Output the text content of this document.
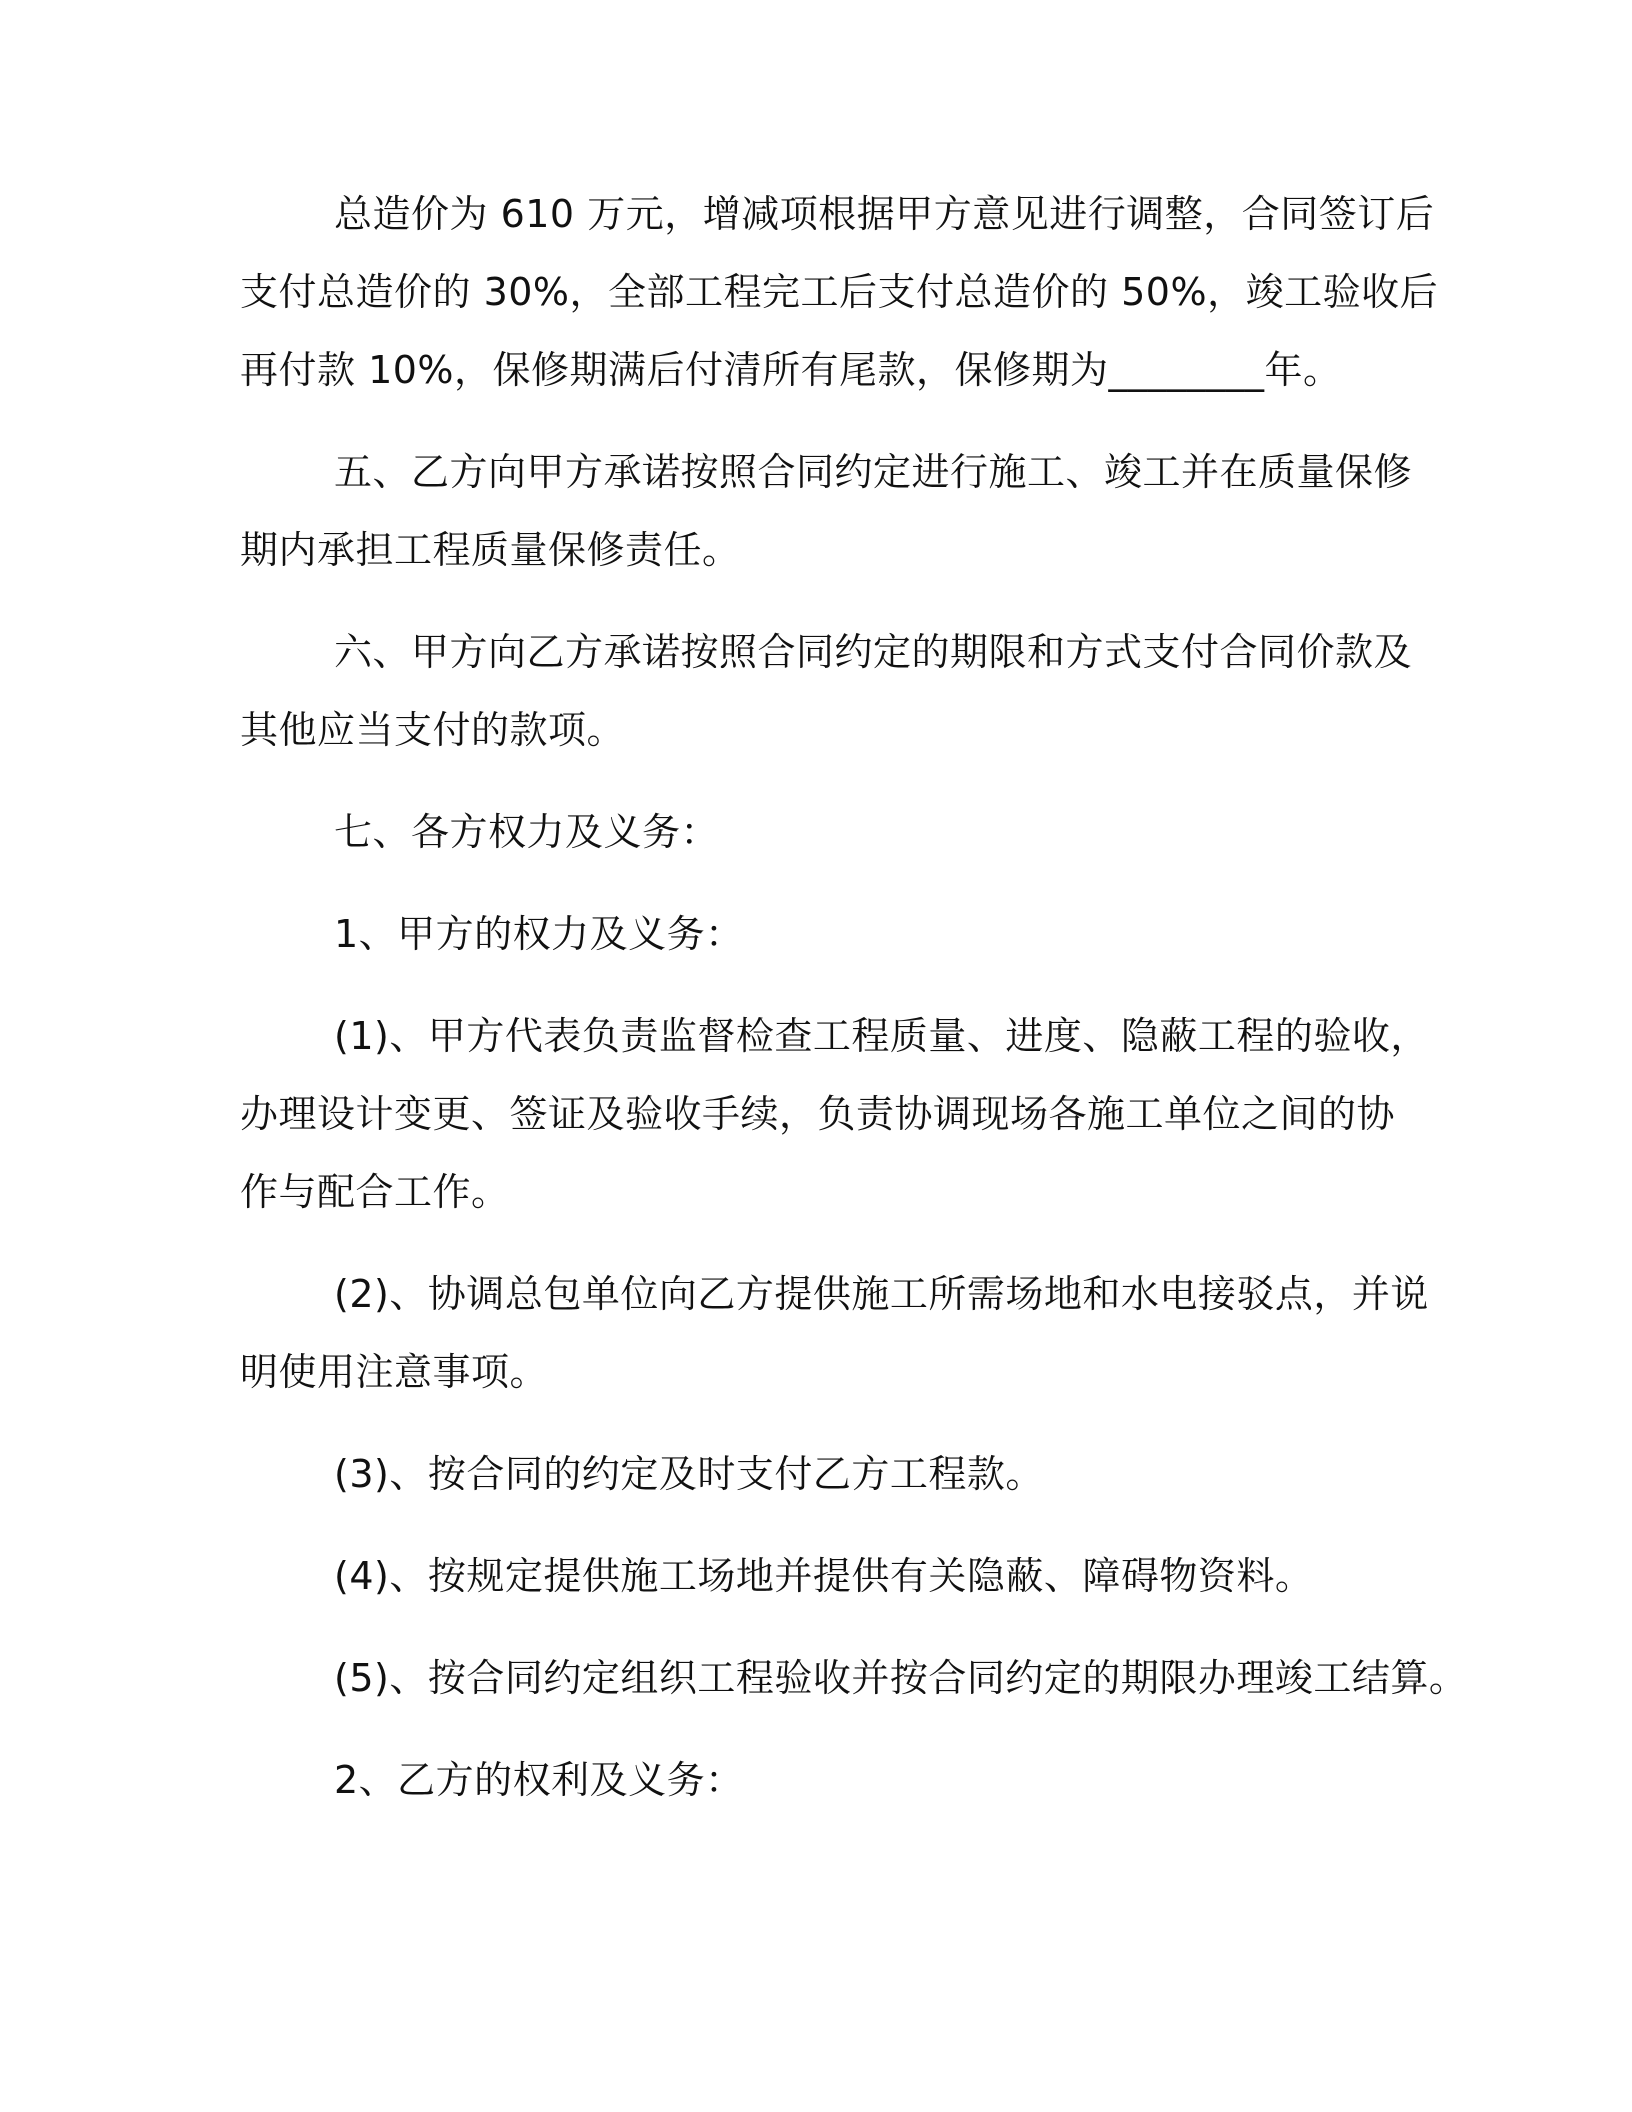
总造价为 610 万元，增减项根据甲方意见进行调整，合同签订后

支付总造价的 30%，全部工程完工后支付总造价的 50%，竣工验收后

再付款 10%，保修期满后付清所有尾款，保修期为________年。

五、乙方向甲方承诺按照合同约定进行施工、竣工并在质量保修

期内承担工程质量保修责任。

六、甲方向乙方承诺按照合同约定的期限和方式支付合同价款及

其他应当支付的款项。

七、各方权力及义务：

1、甲方的权力及义务：

(1)、甲方代表负责监督检查工程质量、进度、隐蔽工程的验收，

办理设计变更、签证及验收手续，负责协调现场各施工单位之间的协

作与配合工作。

(2)、协调总包单位向乙方提供施工所需场地和水电接驳点，并说

明使用注意事项。

(3)、按合同的约定及时支付乙方工程款。

(4)、按规定提供施工场地并提供有关隐蔽、障碍物资料。

(5)、按合同约定组织工程验收并按合同约定的期限办理竣工结算。

2、乙方的权利及义务：
